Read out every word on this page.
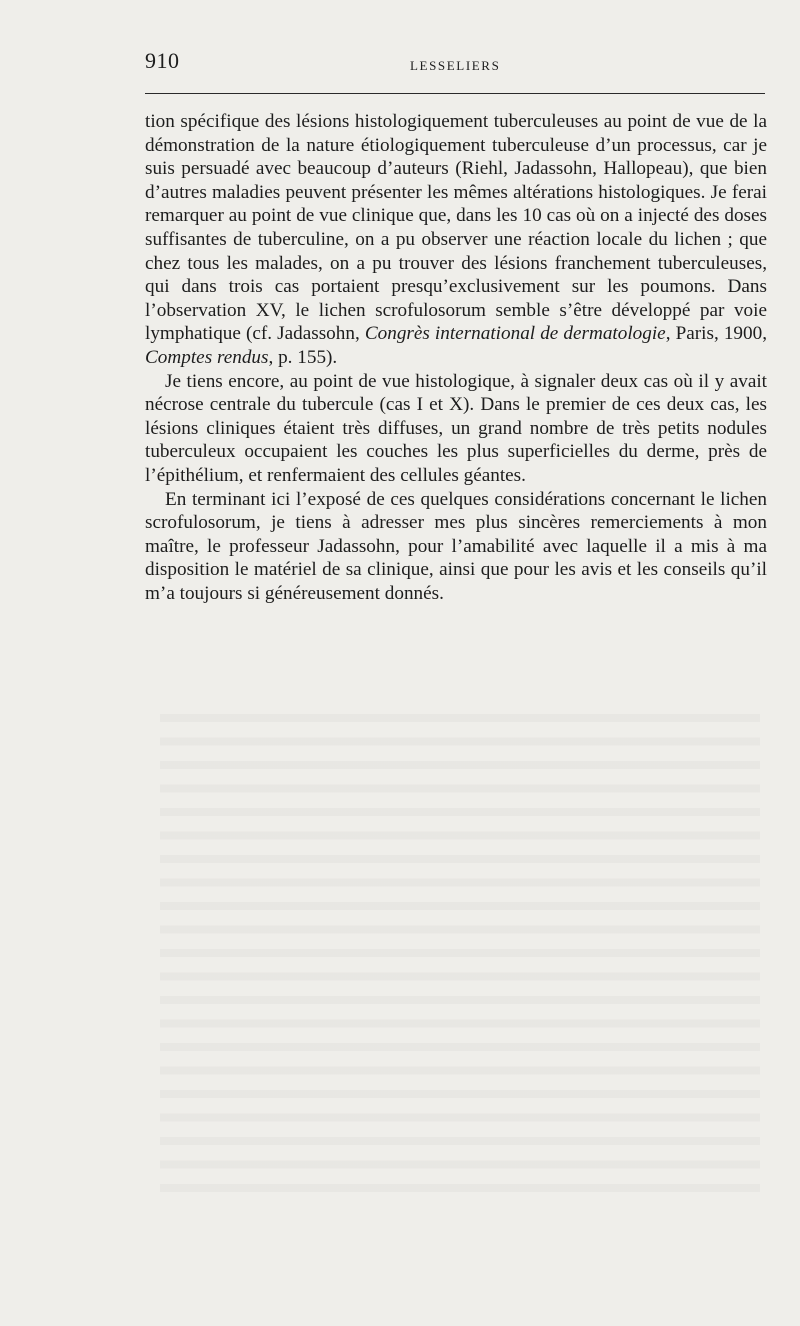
910	LESSELIERS

tion spécifique des lésions histologiquement tuberculeuses au point de vue de la démonstration de la nature étiologiquement tuberculeuse d’un processus, car je suis persuadé avec beaucoup d’auteurs (Riehl, Jadassohn, Hallopeau), que bien d’autres maladies peuvent présenter les mêmes altérations histologiques. Je ferai remarquer au point de vue clinique que, dans les 10 cas où on a injecté des doses suffisantes de tuberculine, on a pu observer une réaction locale du lichen ; que chez tous les malades, on a pu trouver des lésions franchement tuberculeuses, qui dans trois cas portaient presqu’exclusivement sur les poumons. Dans l’observation XV, le lichen scrofulosorum semble s’être développé par voie lymphatique (cf. Jadassohn, Congrès international de dermatologie, Paris, 1900, Comptes rendus, p. 155).

Je tiens encore, au point de vue histologique, à signaler deux cas où il y avait nécrose centrale du tubercule (cas I et X). Dans le premier de ces deux cas, les lésions cliniques étaient très diffuses, un grand nombre de très petits nodules tuberculeux occupaient les couches les plus superficielles du derme, près de l’épithélium, et renfermaient des cellules géantes.

En terminant ici l’exposé de ces quelques considérations concernant le lichen scrofulosorum, je tiens à adresser mes plus sincères remerciements à mon maître, le professeur Jadassohn, pour l’amabilité avec laquelle il a mis à ma disposition le matériel de sa clinique, ainsi que pour les avis et les conseils qu’il m’a toujours si généreusement donnés.
